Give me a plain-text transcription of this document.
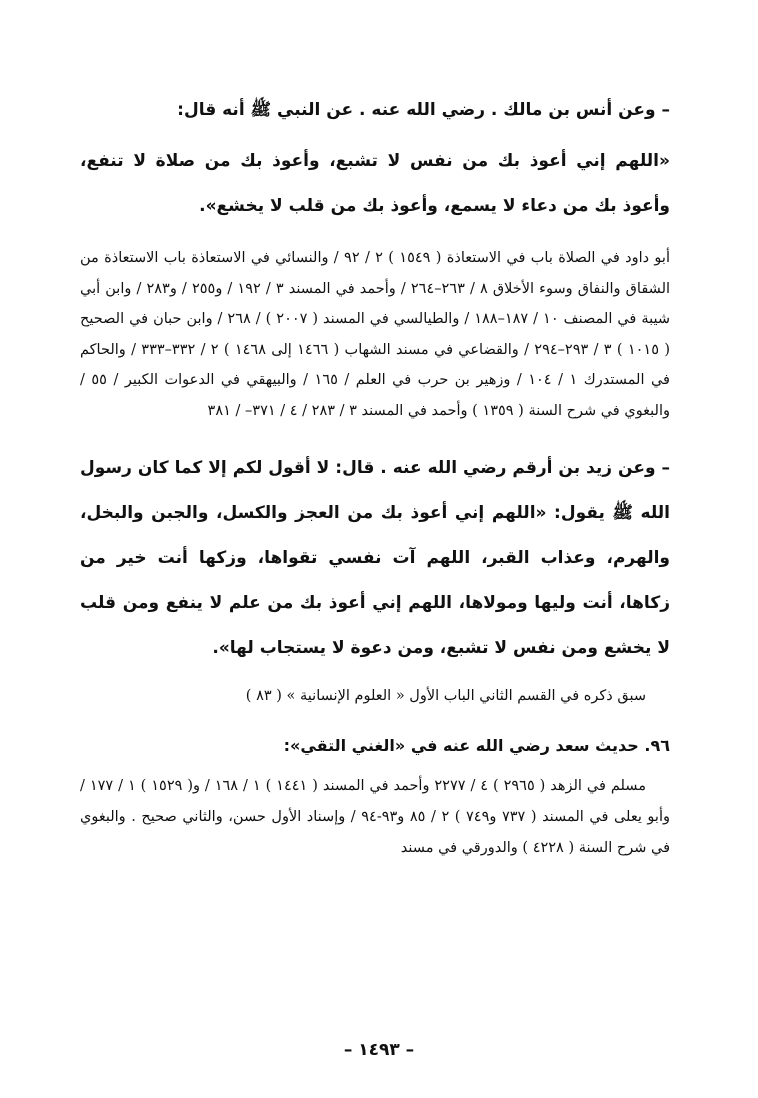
– وعن أنس بن مالك . رضي الله عنه . عن النبي ﷺ أنه قال:

«اللهم إني أعوذ بك من نفس لا تشبع، وأعوذ بك من صلاة لا تنفع، وأعوذ بك من دعاء لا يسمع، وأعوذ بك من قلب لا يخشع».

أبو داود في الصلاة باب في الاستعاذة ( ١٥٤٩ ) ٢ / ٩٢ / والنسائي في الاستعاذة باب الاستعاذة من الشقاق والنفاق وسوء الأخلاق ٨ / ٢٦٣–٢٦٤ / وأحمد في المسند ٣ / ١٩٢ / و٢٥٥ / و٢٨٣ / وابن أبي شيبة في المصنف ١٠ / ١٨٧–١٨٨ / والطيالسي في المسند ( ٢٠٠٧ ) / ٢٦٨ / وابن حبان في الصحيح ( ١٠١٥ ) ٣ / ٢٩٣–٢٩٤ / والقضاعي في مسند الشهاب ( ١٤٦٦ إلى ١٤٦٨ ) ٢ / ٣٣٢–٣٣٣ / والحاكم في المستدرك ١ / ١٠٤ / وزهير بن حرب في العلم / ١٦٥ / والبيهقي في الدعوات الكبير / ٥٥ / والبغوي في شرح السنة ( ١٣٥٩ ) وأحمد في المسند ٣ / ٢٨٣ / ٤ / ٣٧١– / ٣٨١

– وعن زيد بن أرقم رضي الله عنه . قال: لا أقول لكم إلا كما كان رسول الله ﷺ يقول: «اللهم إني أعوذ بك من العجز والكسل، والجبن والبخل، والهرم، وعذاب القبر، اللهم آت نفسي تقواها، وزكها أنت خير من زكاها، أنت وليها ومولاها، اللهم إني أعوذ بك من علم لا ينفع ومن قلب لا يخشع ومن نفس لا تشبع، ومن دعوة لا يستجاب لها».

سبق ذكره في القسم الثاني الباب الأول « العلوم الإنسانية » ( ٨٣ )

٩٦. حديث سعد رضي الله عنه في «الغني التقي»:

مسلم في الزهد ( ٢٩٦٥ ) ٤ / ٢٢٧٧ وأحمد في المسند ( ١٤٤١ ) ١ / ١٦٨ / و( ١٥٢٩ ) ١ / ١٧٧ / وأبو يعلى في المسند ( ٧٣٧ و٧٤٩ ) ٢ / ٨٥ و٩٣-٩٤ / وإسناد الأول حسن، والثاني صحيح . والبغوي في شرح السنة ( ٤٢٢٨ ) والدورقي في مسند

– ١٤٩٣ –
